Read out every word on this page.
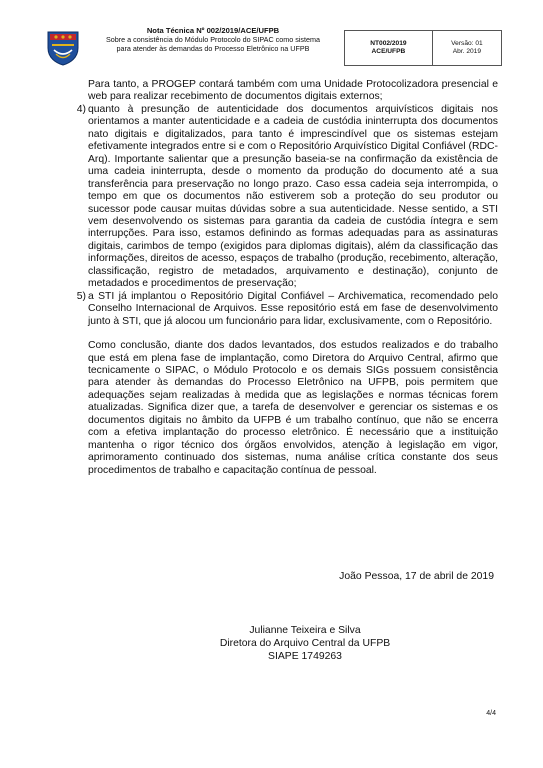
Nota Técnica Nº 002/2019/ACE/UFPB
Sobre a consistência do Módulo Protocolo do SIPAC como sistema
para atender às demandas do Processo Eletrônico na UFPB
NT002/2019
ACE/UFPB
Versão: 01
Abr. 2019

Para tanto, a PROGEP contará também com uma Unidade Protocolizadora presencial e web para realizar recebimento de documentos digitais externos;

4) quanto à presunção de autenticidade dos documentos arquivísticos digitais nos orientamos a manter autenticidade e a cadeia de custódia ininterrupta dos documentos nato digitais e digitalizados, para tanto é imprescindível que os sistemas estejam efetivamente integrados entre si e com o Repositório Arquivístico Digital Confiável (RDC-Arq). Importante salientar que a presunção baseia-se na confirmação da existência de uma cadeia ininterrupta, desde o momento da produção do documento até a sua transferência para preservação no longo prazo. Caso essa cadeia seja interrompida, o tempo em que os documentos não estiverem sob a proteção do seu produtor ou sucessor pode causar muitas dúvidas sobre a sua autenticidade. Nesse sentido, a STI vem desenvolvendo os sistemas para garantia da cadeia de custódia íntegra e sem interrupções. Para isso, estamos definindo as formas adequadas para as assinaturas digitais, carimbos de tempo (exigidos para diplomas digitais), além da classificação das informações, direitos de acesso, espaços de trabalho (produção, recebimento, alteração, classificação, registro de metadados, arquivamento e destinação), conjunto de metadados e procedimentos de preservação;
5) a STI já implantou o Repositório Digital Confiável – Archivematica, recomendado pelo Conselho Internacional de Arquivos. Esse repositório está em fase de desenvolvimento junto à STI, que já alocou um funcionário para lidar, exclusivamente, com o Repositório.

Como conclusão, diante dos dados levantados, dos estudos realizados e do trabalho que está em plena fase de implantação, como Diretora do Arquivo Central, afirmo que tecnicamente o SIPAC, o Módulo Protocolo e os demais SIGs possuem consistência para atender às demandas do Processo Eletrônico na UFPB, pois permitem que adequações sejam realizadas à medida que as legislações e normas técnicas forem atualizadas. Significa dizer que, a tarefa de desenvolver e gerenciar os sistemas e os documentos digitais no âmbito da UFPB é um trabalho contínuo, que não se encerra com a efetiva implantação do processo eletrônico. É necessário que a instituição mantenha o rigor técnico dos órgãos envolvidos, atenção à legislação em vigor, aprimoramento continuado dos sistemas, numa análise crítica constante dos seus procedimentos de trabalho e capacitação contínua de pessoal.

João Pessoa, 17 de abril de 2019
Julianne Teixeira e Silva
Diretora do Arquivo Central da UFPB
SIAPE 1749263
4/4
